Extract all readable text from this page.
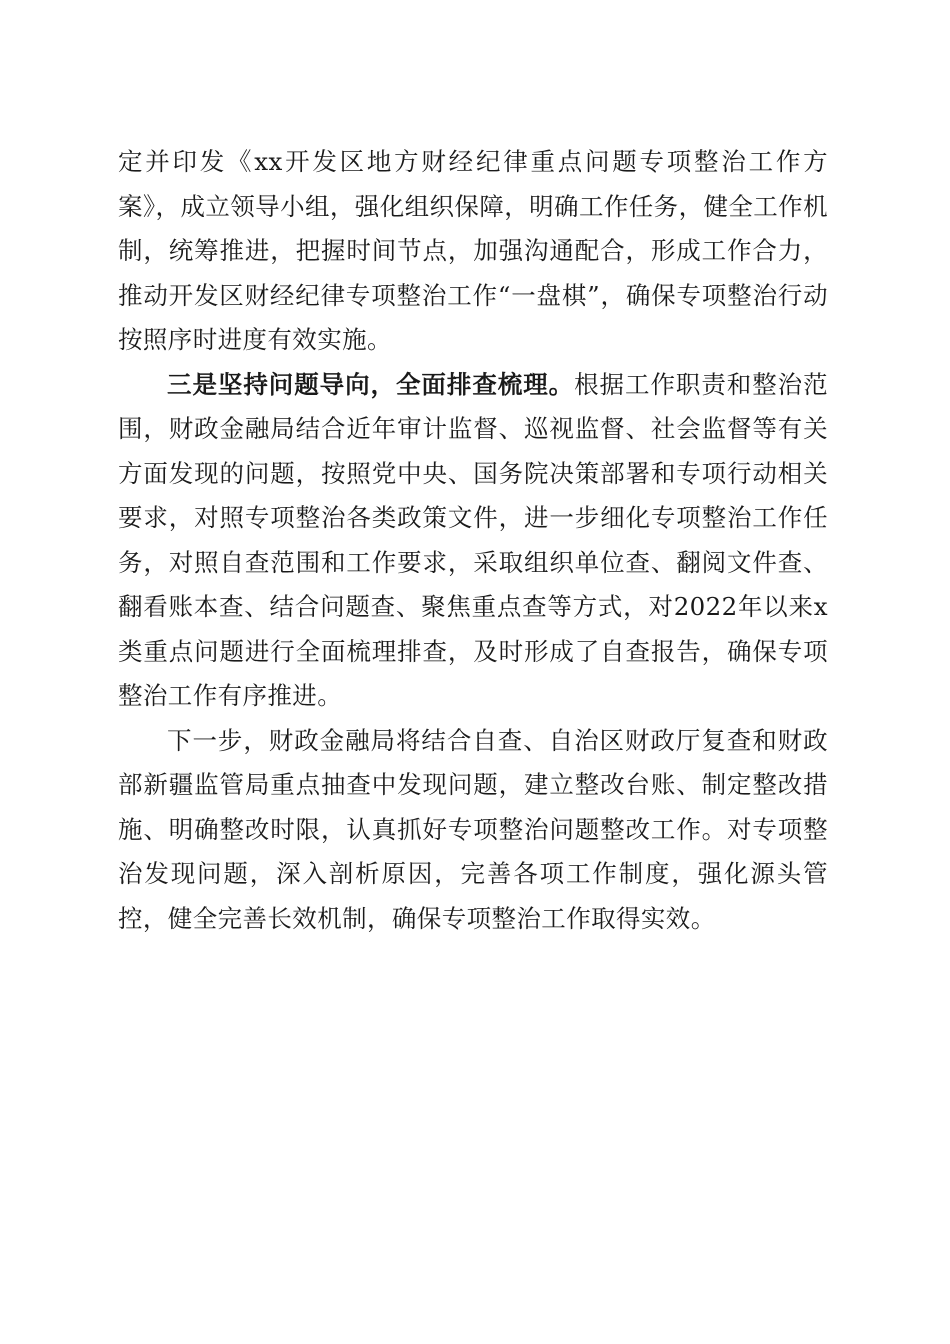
定并印发《xx开发区地方财经纪律重点问题专项整治工作方案》，成立领导小组，强化组织保障，明确工作任务，健全工作机制，统筹推进，把握时间节点，加强沟通配合，形成工作合力，推动开发区财经纪律专项整治工作“一盘棋”，确保专项整治行动按照序时进度有效实施。

三是坚持问题导向，全面排查梳理。根据工作职责和整治范围，财政金融局结合近年审计监督、巡视监督、社会监督等有关方面发现的问题，按照党中央、国务院决策部署和专项行动相关要求，对照专项整治各类政策文件，进一步细化专项整治工作任务，对照自查范围和工作要求，采取组织单位查、翻阅文件查、翻看账本查、结合问题查、聚焦重点查等方式，对2022年以来x类重点问题进行全面梳理排查，及时形成了自查报告，确保专项整治工作有序推进。

下一步，财政金融局将结合自查、自治区财政厅复查和财政部新疆监管局重点抽查中发现问题，建立整改台账、制定整改措施、明确整改时限，认真抓好专项整治问题整改工作。对专项整治发现问题，深入剖析原因，完善各项工作制度，强化源头管控，健全完善长效机制，确保专项整治工作取得实效。
